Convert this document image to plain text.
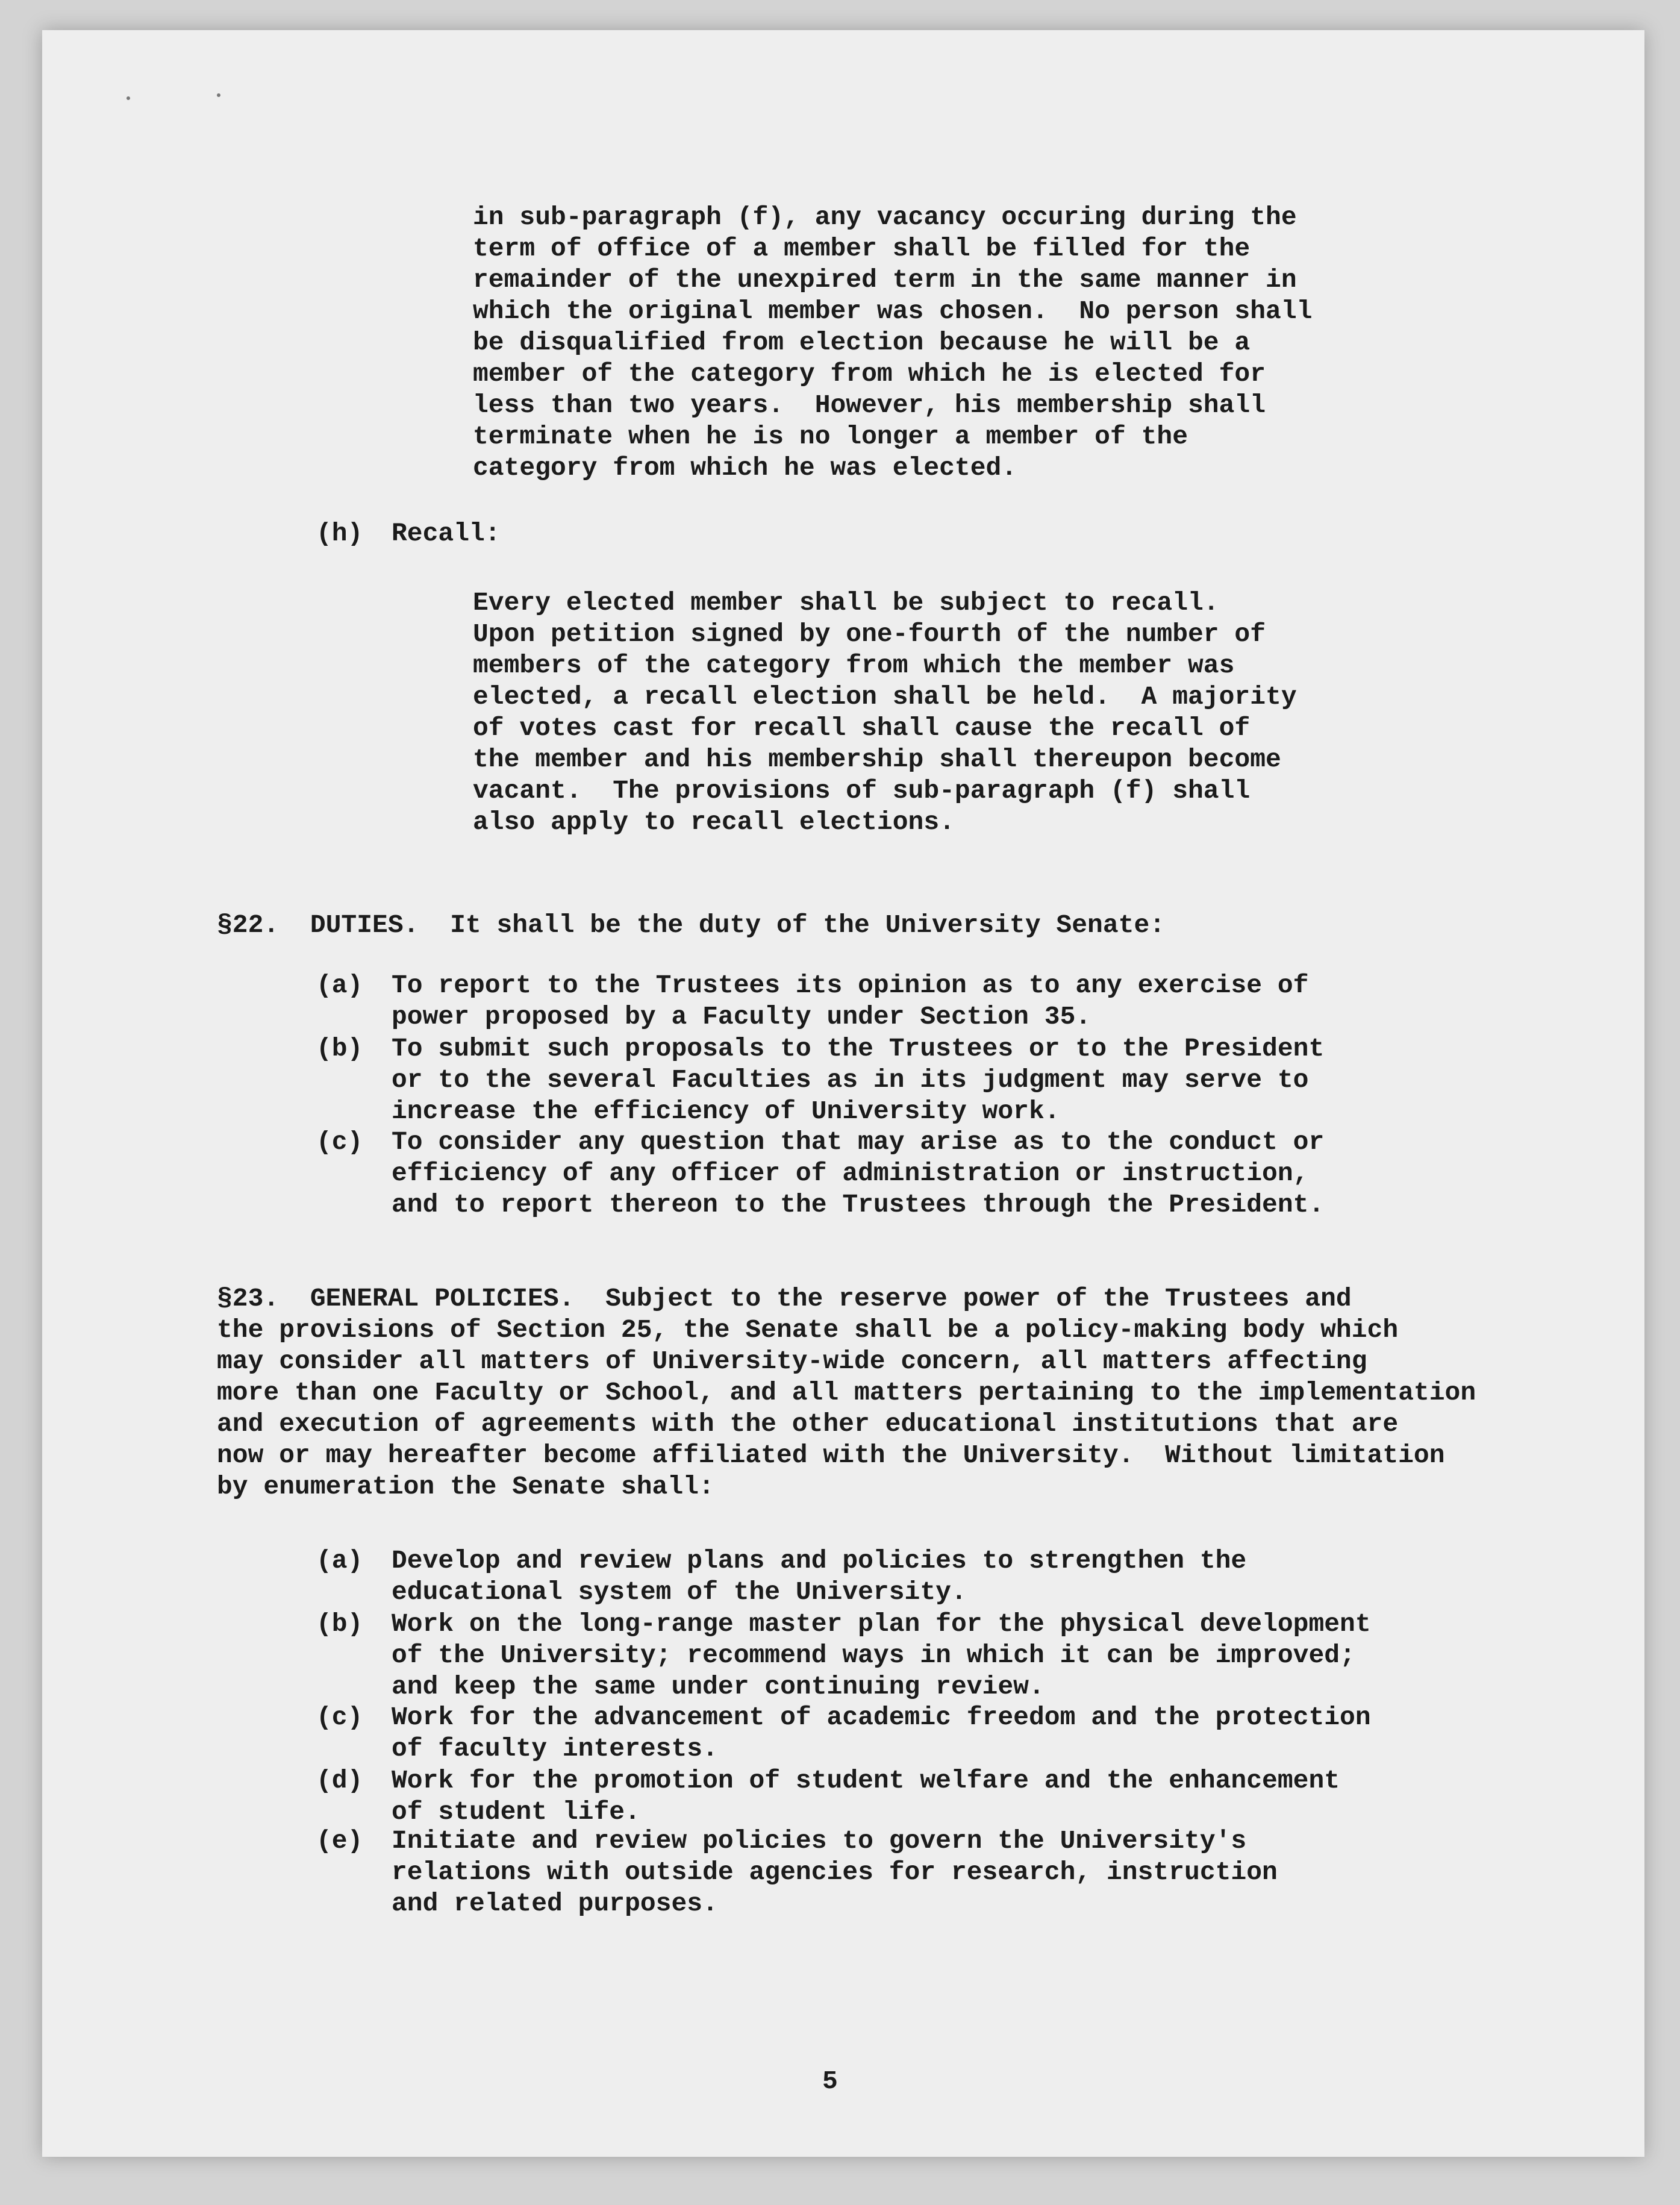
in sub-paragraph (f), any vacancy occuring during the
term of office of a member shall be filled for the
remainder of the unexpired term in the same manner in
which the original member was chosen.  No person shall
be disqualified from election because he will be a
member of the category from which he is elected for
less than two years.  However, his membership shall
terminate when he is no longer a member of the
category from which he was elected.
(h) Recall:
Every elected member shall be subject to recall.
Upon petition signed by one-fourth of the number of
members of the category from which the member was
elected, a recall election shall be held.  A majority
of votes cast for recall shall cause the recall of
the member and his membership shall thereupon become
vacant.  The provisions of sub-paragraph (f) shall
also apply to recall elections.
§22.  DUTIES.  It shall be the duty of the University Senate:
(a) To report to the Trustees its opinion as to any exercise of
power proposed by a Faculty under Section 35.
(b) To submit such proposals to the Trustees or to the President
or to the several Faculties as in its judgment may serve to
increase the efficiency of University work.
(c) To consider any question that may arise as to the conduct or
efficiency of any officer of administration or instruction,
and to report thereon to the Trustees through the President.
§23.  GENERAL POLICIES.  Subject to the reserve power of the Trustees and
the provisions of Section 25, the Senate shall be a policy-making body which
may consider all matters of University-wide concern, all matters affecting
more than one Faculty or School, and all matters pertaining to the implementation
and execution of agreements with the other educational institutions that are
now or may hereafter become affiliated with the University.  Without limitation
by enumeration the Senate shall:
(a) Develop and review plans and policies to strengthen the
educational system of the University.
(b) Work on the long-range master plan for the physical development
of the University; recommend ways in which it can be improved;
and keep the same under continuing review.
(c) Work for the advancement of academic freedom and the protection
of faculty interests.
(d) Work for the promotion of student welfare and the enhancement
of student life.
(e) Initiate and review policies to govern the University's
relations with outside agencies for research, instruction
and related purposes.
5
